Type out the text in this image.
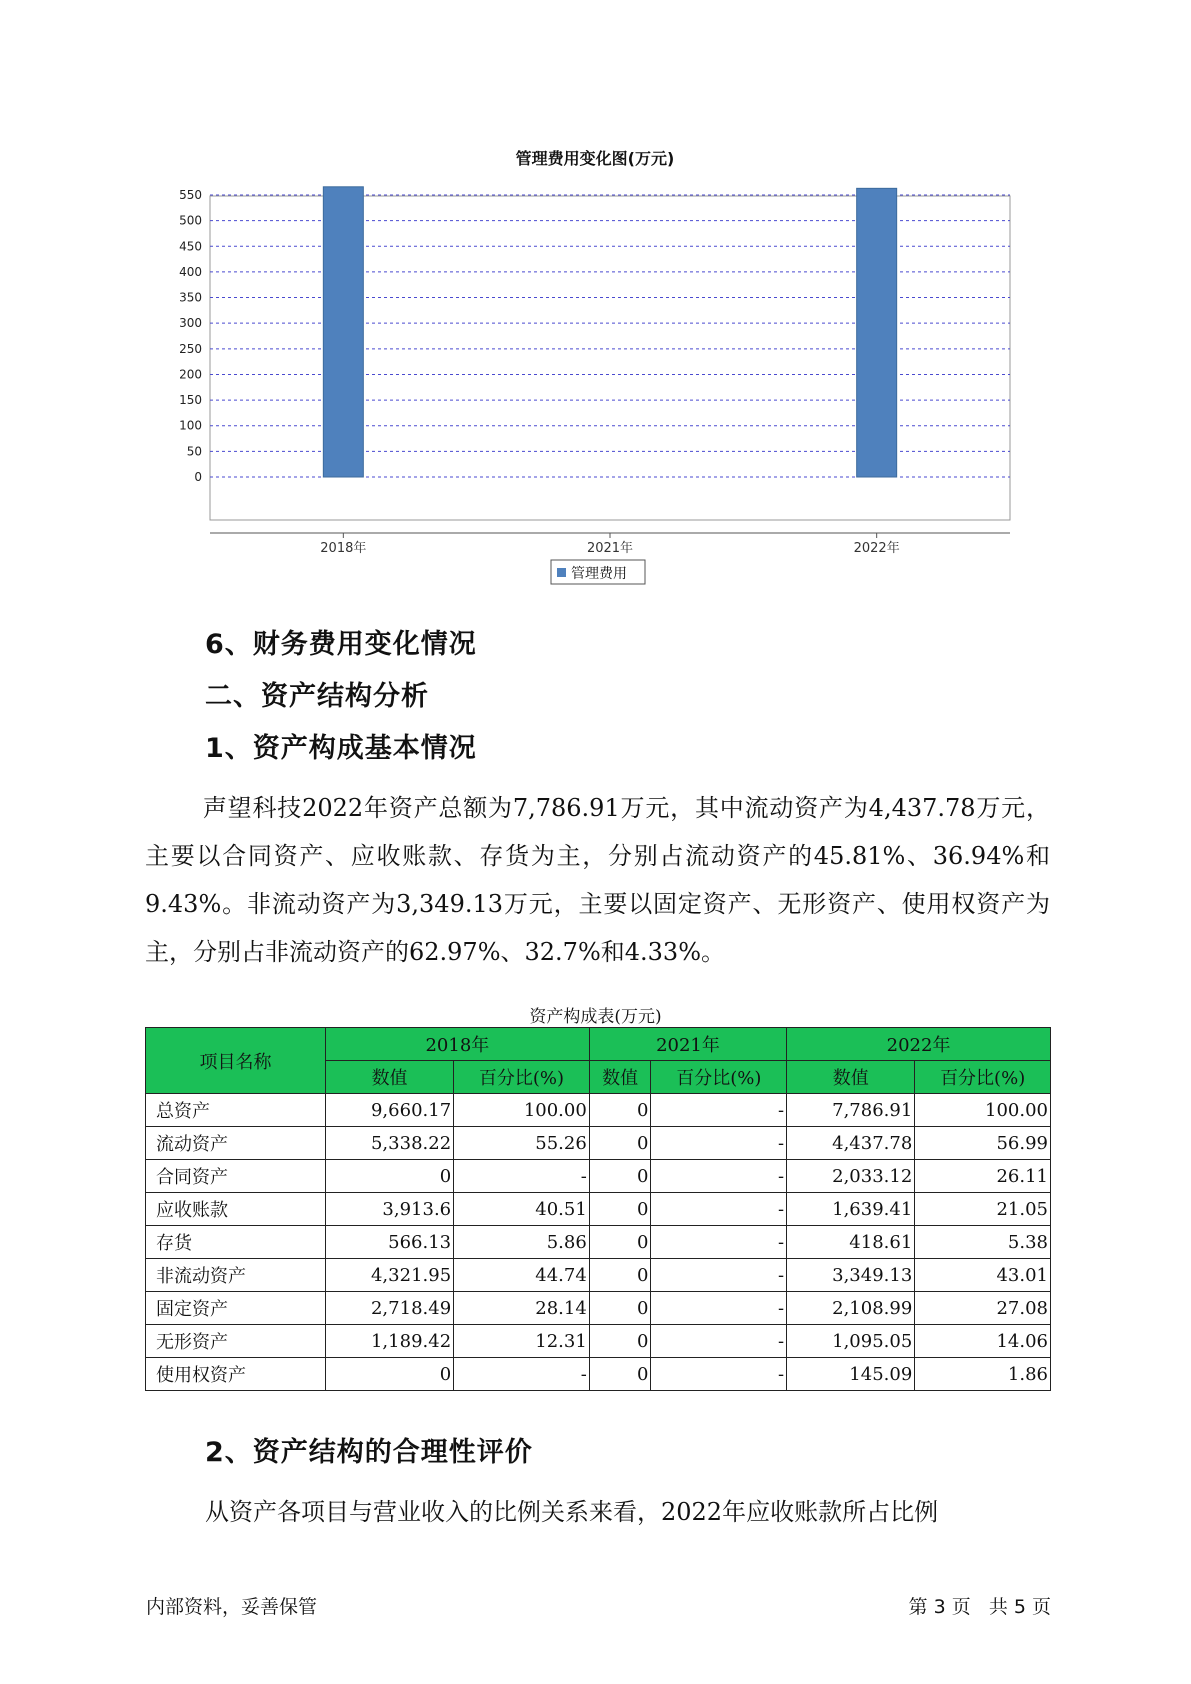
管理费用变化图(万元)
0
50
100
150
200
250
300
350
400
450
500
550
2018年	2021年	2022年
管理费用
6、财务费用变化情况
二、资产结构分析
1、资产构成基本情况
声望科技2022年资产总额为7,786.91万元，其中流动资产为4,437.78万元，主要以合同资产、应收账款、存货为主，分别占流动资产的45.81%、36.94%和9.43%。非流动资产为3,349.13万元，主要以固定资产、无形资产、使用权资产为主，分别占非流动资产的62.97%、32.7%和4.33%。
资产构成表(万元)
项目名称	2018年		2021年		2022年	
	数值	百分比(%)	数值	百分比(%)	数值	百分比(%)
总资产	9,660.17	100.00	0	-	7,786.91	100.00
流动资产	5,338.22	55.26	0	-	4,437.78	56.99
合同资产	0	-	0	-	2,033.12	26.11
应收账款	3,913.6	40.51	0	-	1,639.41	21.05
存货	566.13	5.86	0	-	418.61	5.38
非流动资产	4,321.95	44.74	0	-	3,349.13	43.01
固定资产	2,718.49	28.14	0	-	2,108.99	27.08
无形资产	1,189.42	12.31	0	-	1,095.05	14.06
使用权资产	0	-	0	-	145.09	1.86
2、资产结构的合理性评价
从资产各项目与营业收入的比例关系来看，2022年应收账款所占比例
内部资料，妥善保管	第 3 页   共 5 页
